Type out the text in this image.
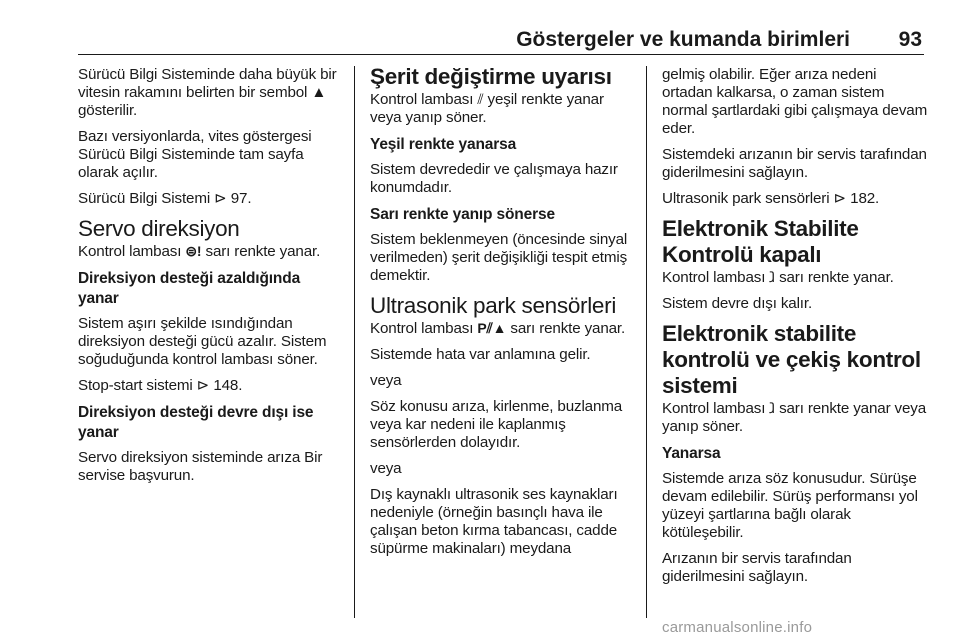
Göstergeler ve kumanda birimleri 93

Sürücü Bilgi Sisteminde daha büyük bir vitesin rakamını belirten bir sembol ▲ gösterilir.

Bazı versiyonlarda, vites göstergesi Sürücü Bilgi Sisteminde tam sayfa olarak açılır.

Sürücü Bilgi Sistemi ⊳ 97.

Servo direksiyon

Kontrol lambası ⊜! sarı renkte yanar.

Direksiyon desteği azaldığında yanar

Sistem aşırı şekilde ısındığından direksiyon desteği gücü azalır. Sistem soğuduğunda kontrol lambası söner.

Stop-start sistemi ⊳ 148.

Direksiyon desteği devre dışı ise yanar

Servo direksiyon sisteminde arıza Bir servise başvurun.

Şerit değiştirme uyarısı

Kontrol lambası ⫽ yeşil renkte yanar veya yanıp söner.

Yeşil renkte yanarsa

Sistem devrededir ve çalışmaya hazır konumdadır.

Sarı renkte yanıp sönerse

Sistem beklenmeyen (öncesinde sinyal verilmeden) şerit değişikliği tespit etmiş demektir.

Ultrasonik park sensörleri

Kontrol lambası P⫽▲ sarı renkte yanar.

Sistemde hata var anlamına gelir.

veya

Söz konusu arıza, kirlenme, buzlanma veya kar nedeni ile kaplanmış sensörlerden dolayıdır.

veya

Dış kaynaklı ultrasonik ses kaynakları nedeniyle (örneğin basınçlı hava ile çalışan beton kırma tabancası, cadde süpürme makinaları) meydana

gelmiş olabilir. Eğer arıza nedeni ortadan kalkarsa, o zaman sistem normal şartlardaki gibi çalışmaya devam eder.

Sistemdeki arızanın bir servis tarafından giderilmesini sağlayın.

Ultrasonik park sensörleri ⊳ 182.

Elektronik Stabilite Kontrolü kapalı

Kontrol lambası ⱹ sarı renkte yanar.

Sistem devre dışı kalır.

Elektronik stabilite kontrolü ve çekiş kontrol sistemi

Kontrol lambası ⱹ sarı renkte yanar veya yanıp söner.

Yanarsa

Sistemde arıza söz konusudur. Sürüşe devam edilebilir. Sürüş performansı yol yüzeyi şartlarına bağlı olarak kötüleşebilir.

Arızanın bir servis tarafından giderilmesini sağlayın.

carmanualsonline.info
